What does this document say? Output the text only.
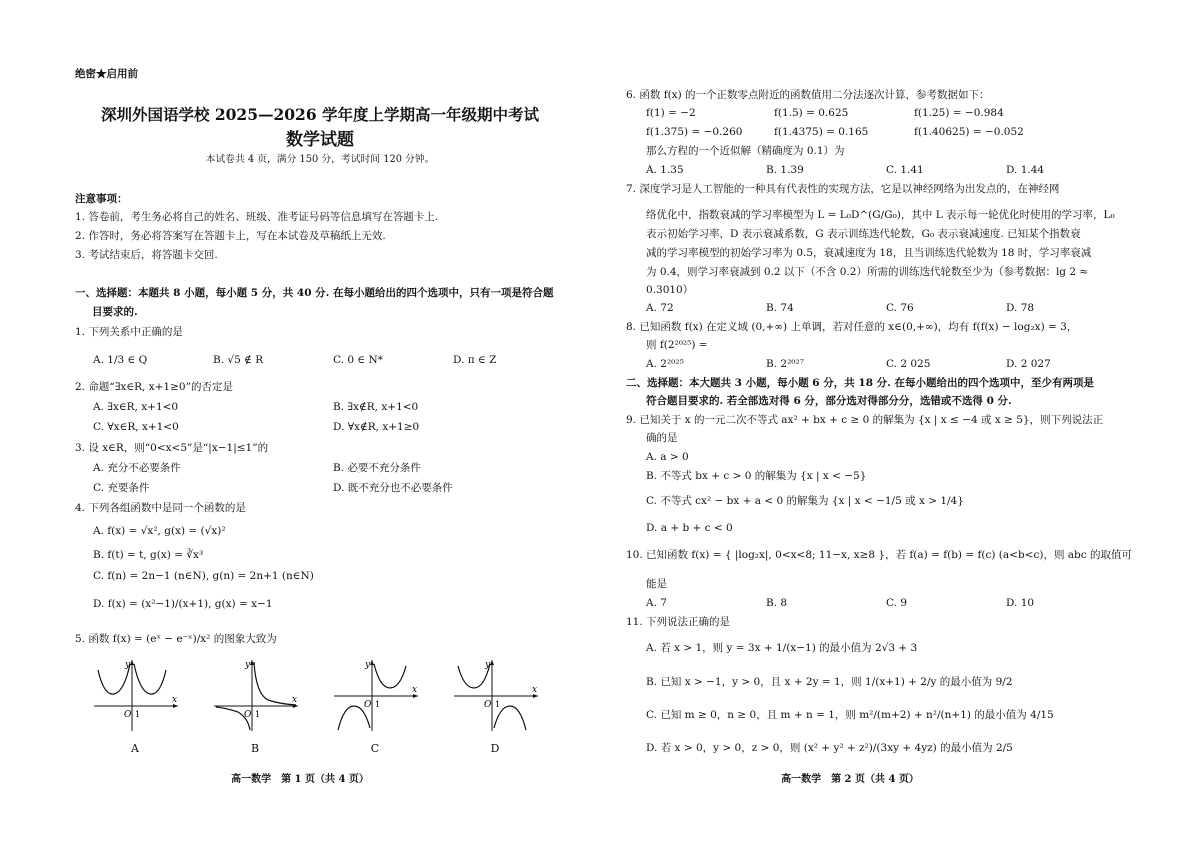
绝密★启用前
深圳外国语学校 2025—2026 学年度上学期高一年级期中考试
数学试题
本试卷共 4 页，满分 150 分，考试时间 120 分钟。
注意事项：
1. 答卷前，考生务必将自己的姓名、班级、准考证号码等信息填写在答题卡上.
2. 作答时，务必将答案写在答题卡上，写在本试卷及草稿纸上无效.
3. 考试结束后，将答题卡交回.
一、选择题：本题共 8 小题，每小题 5 分，共 40 分. 在每小题给出的四个选项中，只有一项是符合题
目要求的.
1. 下列关系中正确的是
A. 1/3 ∈ Q	B. √5 ∉ R	C. 0 ∈ N*	D. π ∈ Z
2. 命题“∃x∈R, x+1≥0”的否定是
A. ∃x∈R, x+1<0	B. ∃x∉R, x+1<0
C. ∀x∈R, x+1<0	D. ∀x∉R, x+1≥0
3. 设 x∈R，则“0<x<5”是“|x−1|≤1”的
A. 充分不必要条件	B. 必要不充分条件
C. 充要条件	D. 既不充分也不必要条件
4. 下列各组函数中是同一个函数的是
A. f(x) = √x², g(x) = (√x)²
B. f(t) = t, g(x) = ∛x³
C. f(n) = 2n−1 (n∈N), g(n) = 2n+1 (n∈N)
D. f(x) = (x²−1)/(x+1), g(x) = x−1
5. 函数 f(x) = (eˣ − e⁻ˣ)/x² 的图象大致为
y
x
O 1
A
y
x
O 1
B
y
x
O 1
C
y
x
O 1
D
高一数学　第 1 页（共 4 页）
6. 函数 f(x) 的一个正数零点附近的函数值用二分法逐次计算，参考数据如下：
f(1) = −2	f(1.5) = 0.625	f(1.25) = −0.984
f(1.375) = −0.260	f(1.4375) = 0.165	f(1.40625) = −0.052
那么方程的一个近似解（精确度为 0.1）为
A. 1.35	B. 1.39	C. 1.41	D. 1.44
7. 深度学习是人工智能的一种具有代表性的实现方法，它是以神经网络为出发点的，在神经网
络优化中，指数衰减的学习率模型为 L = L₀D^(G/G₀)，其中 L 表示每一轮优化时使用的学习率，L₀
表示初始学习率，D 表示衰减系数，G 表示训练迭代轮数，G₀ 表示衰减速度. 已知某个指数衰
减的学习率模型的初始学习率为 0.5，衰减速度为 18，且当训练迭代轮数为 18 时，学习率衰减
为 0.4，则学习率衰减到 0.2 以下（不含 0.2）所需的训练迭代轮数至少为（参考数据：lg 2 ≈
0.3010）
A. 72	B. 74	C. 76	D. 78
8. 已知函数 f(x) 在定义域 (0,+∞) 上单调，若对任意的 x∈(0,+∞)，均有 f(f(x) − log₂x) = 3，
则 f(2²⁰²⁵) =
A. 2²⁰²⁵	B. 2²⁰²⁷	C. 2 025	D. 2 027
二、选择题：本大题共 3 小题，每小题 6 分，共 18 分. 在每小题给出的四个选项中，至少有两项是
符合题目要求的. 若全部选对得 6 分，部分选对得部分分，选错或不选得 0 分.
9. 已知关于 x 的一元二次不等式 ax² + bx + c ≥ 0 的解集为 {x | x ≤ −4 或 x ≥ 5}，则下列说法正
确的是
A. a > 0
B. 不等式 bx + c > 0 的解集为 {x | x < −5}
C. 不等式 cx² − bx + a < 0 的解集为 {x | x < −1/5 或 x > 1/4}
D. a + b + c < 0
10. 已知函数 f(x) = { |log₂x|, 0<x<8; 11−x, x≥8 }，若 f(a) = f(b) = f(c) (a<b<c)，则 abc 的取值可
能是
A. 7	B. 8	C. 9	D. 10
11. 下列说法正确的是
A. 若 x > 1，则 y = 3x + 1/(x−1) 的最小值为 2√3 + 3
B. 已知 x > −1，y > 0，且 x + 2y = 1，则 1/(x+1) + 2/y 的最小值为 9/2
C. 已知 m ≥ 0，n ≥ 0，且 m + n = 1，则 m²/(m+2) + n²/(n+1) 的最小值为 4/15
D. 若 x > 0，y > 0，z > 0，则 (x² + y² + z²)/(3xy + 4yz) 的最小值为 2/5
高一数学　第 2 页（共 4 页）
